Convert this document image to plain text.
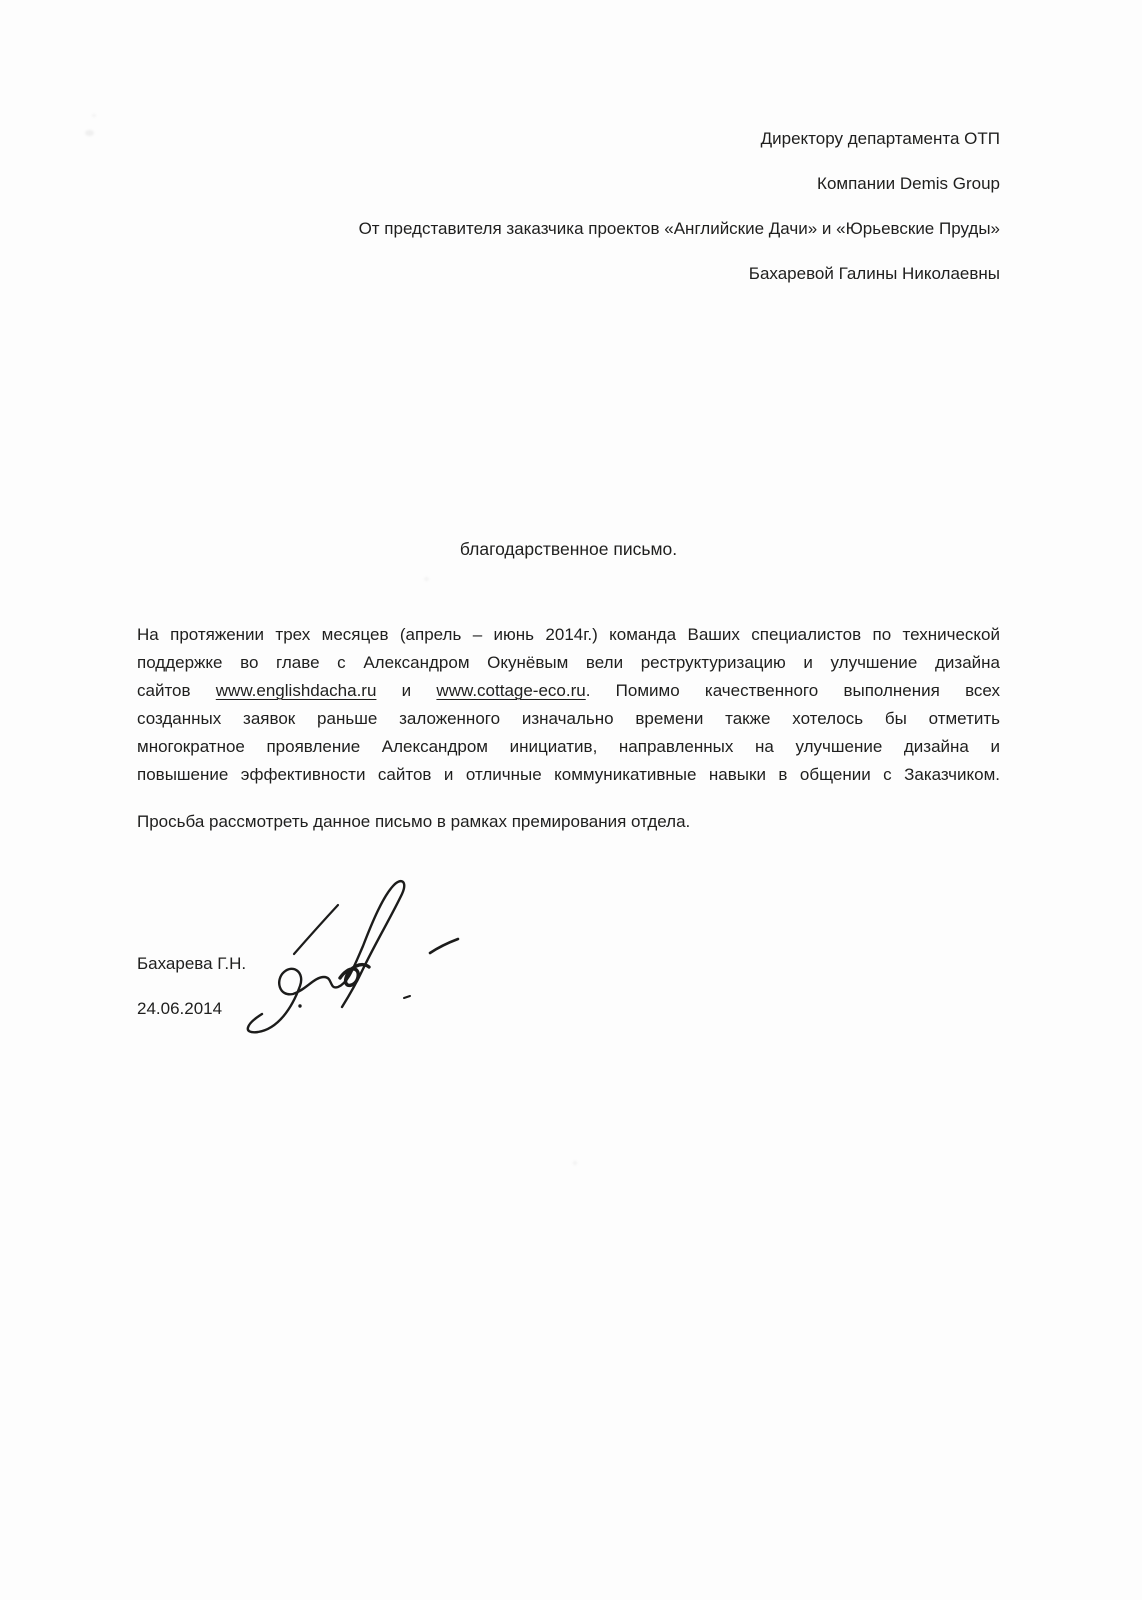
Директору департамента ОТП
Компании Demis Group
От представителя заказчика проектов «Английские Дачи» и «Юрьевские Пруды»
Бахаревой Галины Николаевны
благодарственное письмо.
На протяжении трех месяцев (апрель – июнь 2014г.) команда Ваших специалистов по технической
поддержке во главе с Александром Окунёвым вели реструктуризацию и улучшение дизайна
сайтов www.englishdacha.ru и www.cottage-eco.ru. Помимо качественного выполнения всех
созданных заявок раньше заложенного изначально времени также хотелось бы отметить
многократное проявление Александром инициатив, направленных на улучшение дизайна и
повышение эффективности сайтов и отличные коммуникативные навыки в общении с Заказчиком.
Просьба рассмотреть данное письмо в рамках премирования отдела.
Бахарева Г.Н.
24.06.2014
